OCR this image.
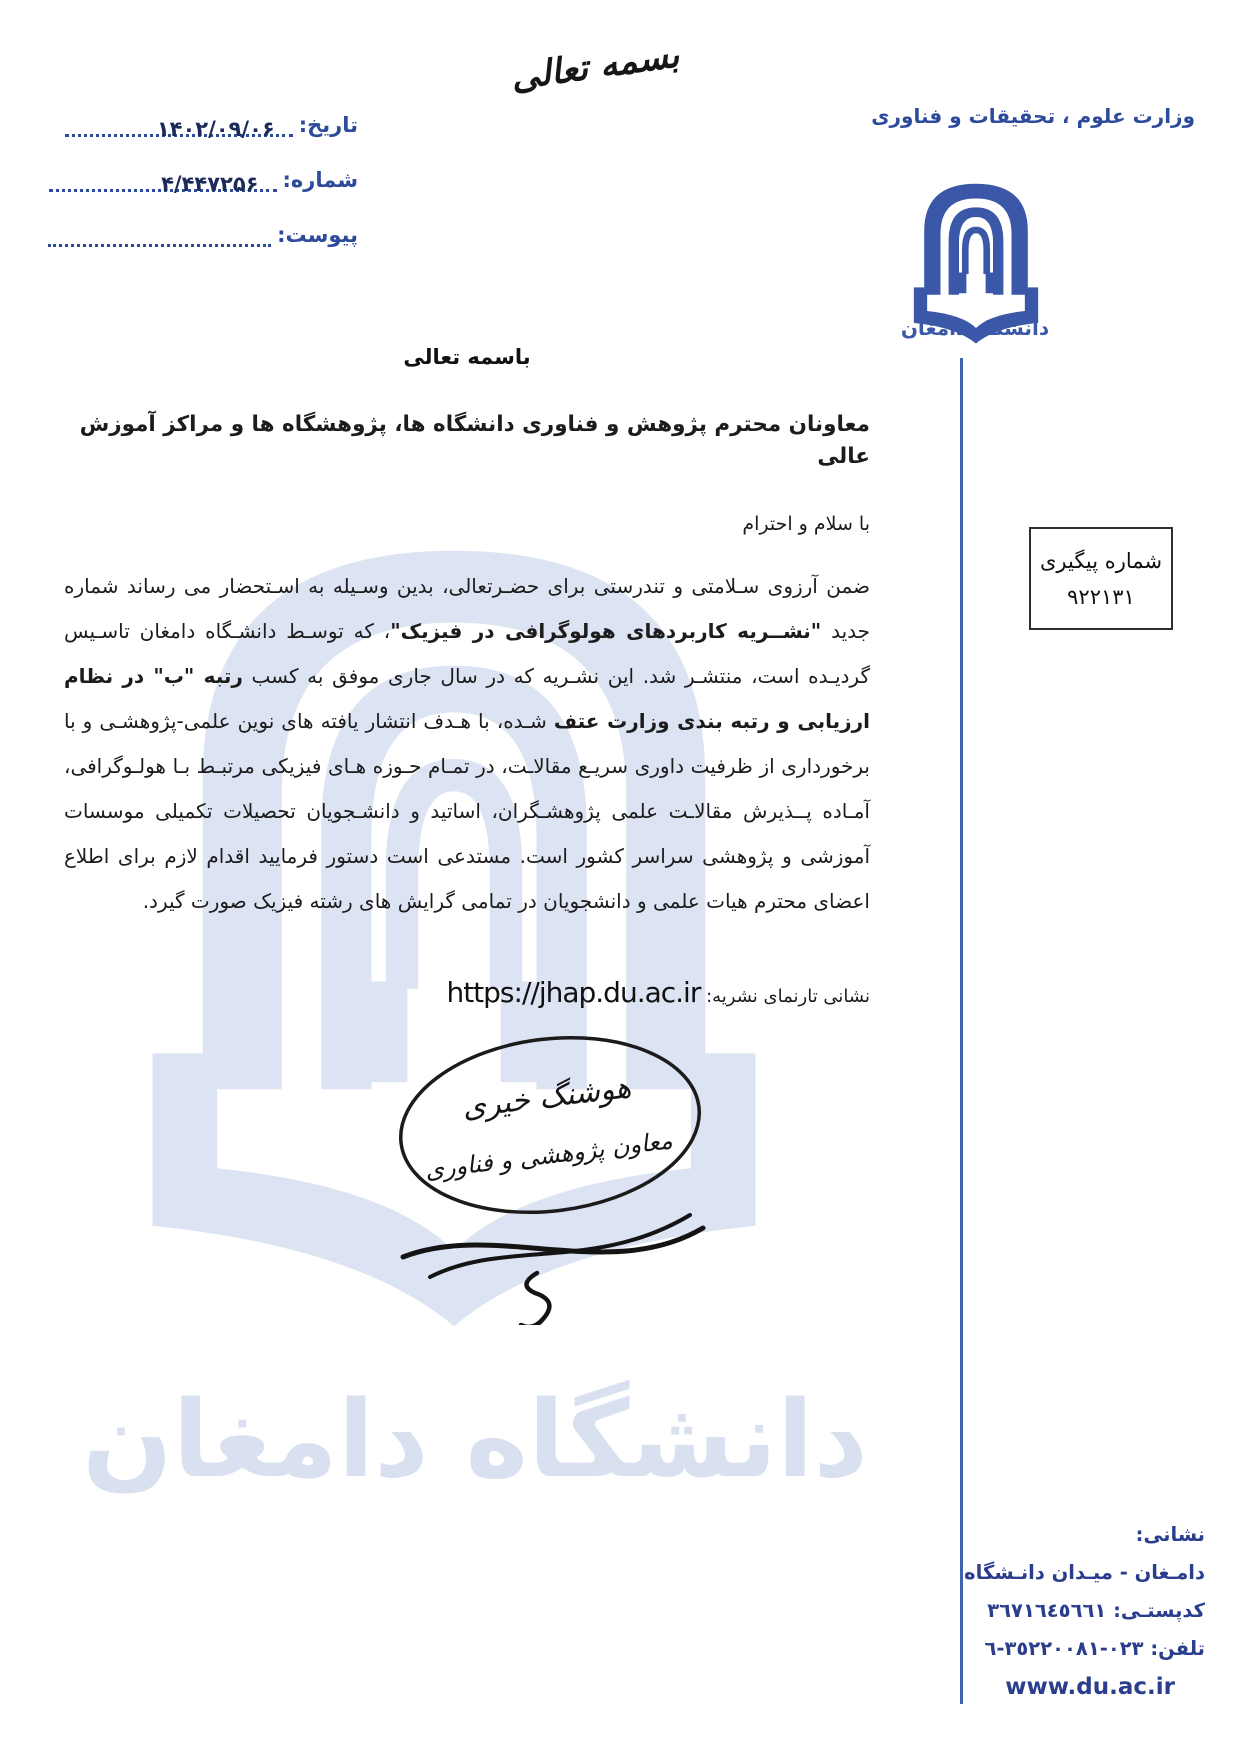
دانشگاه دامغان
بسمه تعالی
وزارت علوم ، تحقیقات و فناوری
دانشگاه دامغان
تاریخ:
۱۴۰۲/۰۹/۰۶
شماره:
۴/۴۴۷۲۵۶
پیوست:
شماره پیگیری
۹۲۲۱۳۱
باسمه تعالی
معاونان محترم پژوهش و فناوری دانشگاه ها، پژوهشگاه ها و مراکز آموزش عالی
با سلام و احترام
ضمن آرزوی سـلامتی و تندرستی برای حضـرتعالی، بدین وسـیله به اسـتحضار می رساند شماره جدید "نشــریه کاربردهای هولوگرافی در فیزیک"، که توسـط دانشـگاه دامغان تاسـیس گردیـده است، منتشـر شد. این نشـریه که در سال جاری موفق به کسب رتبه "ب" در نظام ارزیابی و رتبه بندی وزارت عتف شـده، با هـدف انتشار یافته های نوین علمی-پژوهشـی و با برخورداری از ظرفیت داوری سریـع مقالاـت، در تمـام حـوزه هـای فیزیکی مرتبـط بـا هولـوگرافی، آمـاده پــذیرش مقالاـت علمی پژوهشـگران، اساتید و دانشـجویان تحصیلات تکمیلی موسسات آموزشی و پژوهشی سراسر کشور است. مستدعی است دستور فرمایید اقدام لازم برای اطلاع اعضای محترم هیات علمی و دانشجویان در تمامی گرایش های رشته فیزیک صورت گیرد.
نشانی تارنمای نشریه: https://jhap.du.ac.ir
هوشنگ خیری
معاون پژوهشی و فناوری
نشانی:
دامـغان - میـدان دانـشگاه
کدپستـی: ۳٦۷۱٦٤٥٦٦۱
تلفن: ٠٢٣-٣٥٢٢٠٠٨١-٦
www.du.ac.ir
